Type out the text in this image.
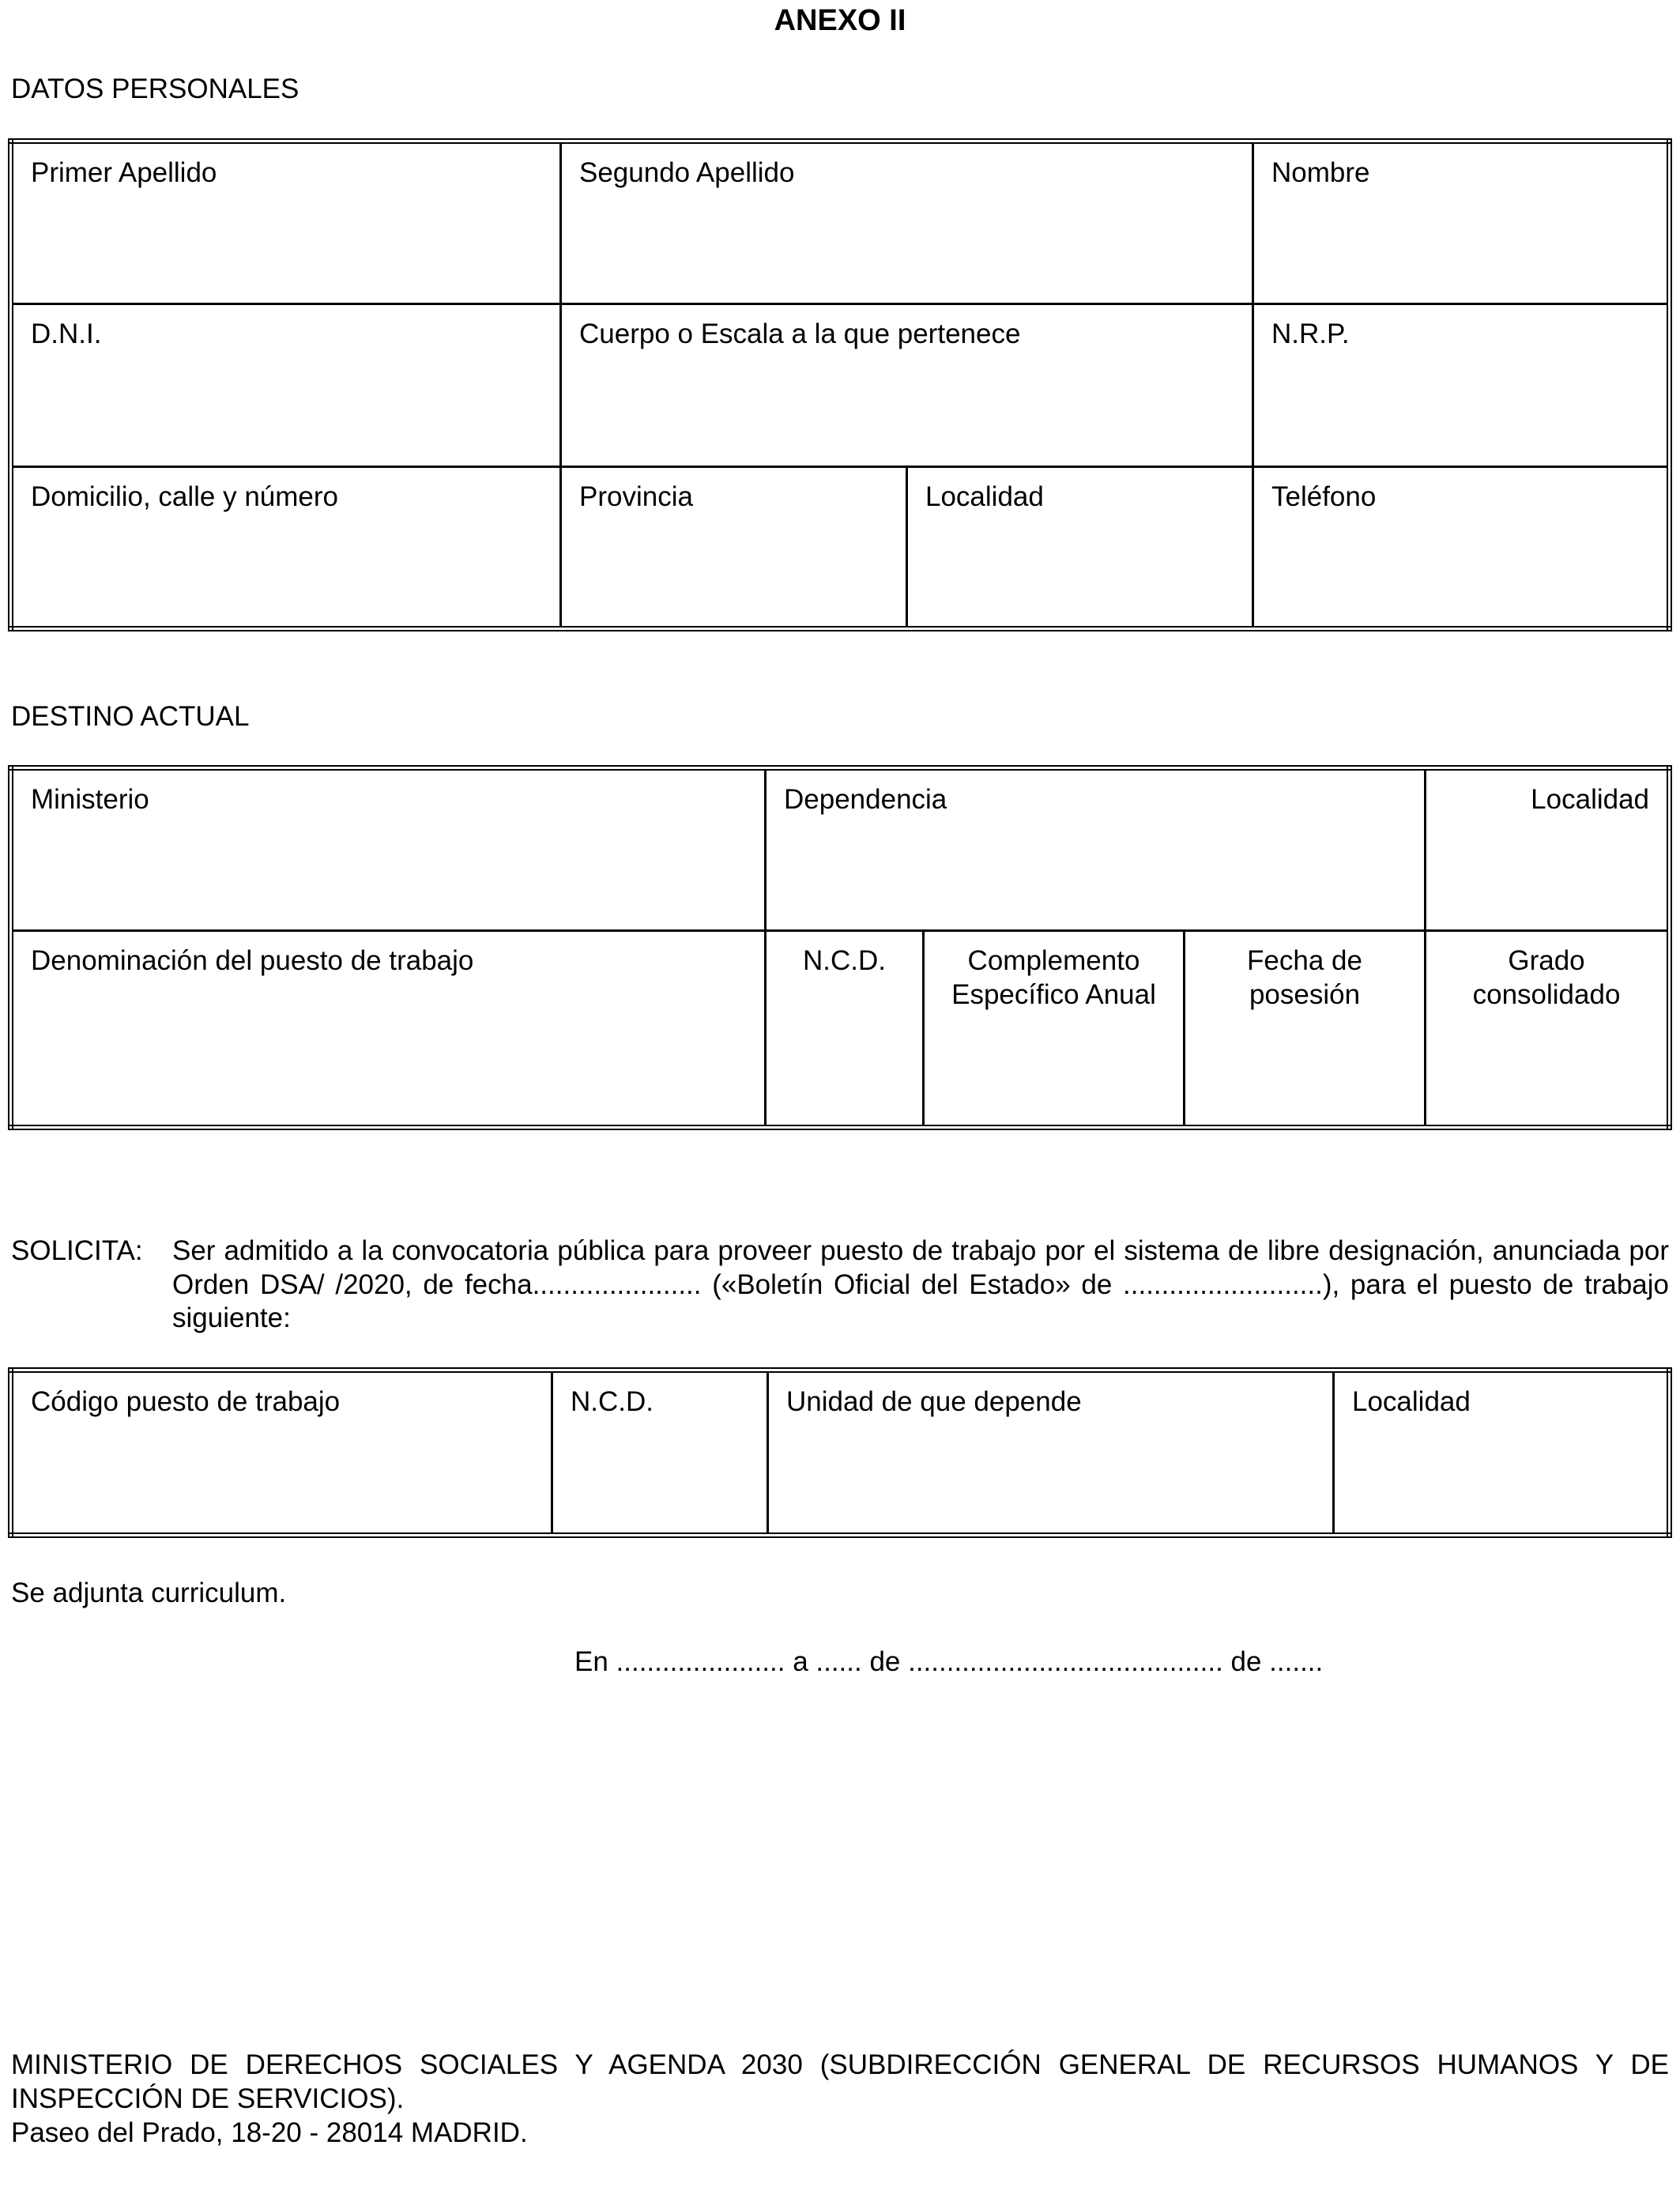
ANEXO II
DATOS PERSONALES
Primer Apellido	Segundo Apellido		Nombre
D.N.I.	Cuerpo o Escala a la que pertenece		N.R.P.
Domicilio, calle y número	Provincia	Localidad	Teléfono
DESTINO ACTUAL
Ministerio	Dependencia			Localidad
Denominación del puesto de trabajo	N.C.D.	Complemento Específico Anual	Fecha de posesión	Grado consolidado
SOLICITA: Ser admitido a la convocatoria pública para proveer puesto de trabajo por el sistema de libre designación, anunciada por Orden DSA/ /2020, de fecha...................... («Boletín Oficial del Estado» de ..........................), para el puesto de trabajo siguiente:
Código puesto de trabajo	N.C.D.	Unidad de que depende	Localidad
Se adjunta curriculum.
En ...................... a ...... de ......................................... de .......
MINISTERIO DE DERECHOS SOCIALES Y AGENDA 2030 (SUBDIRECCIÓN GENERAL DE RECURSOS HUMANOS Y DE INSPECCIÓN DE SERVICIOS).
Paseo del Prado, 18-20 - 28014 MADRID.
